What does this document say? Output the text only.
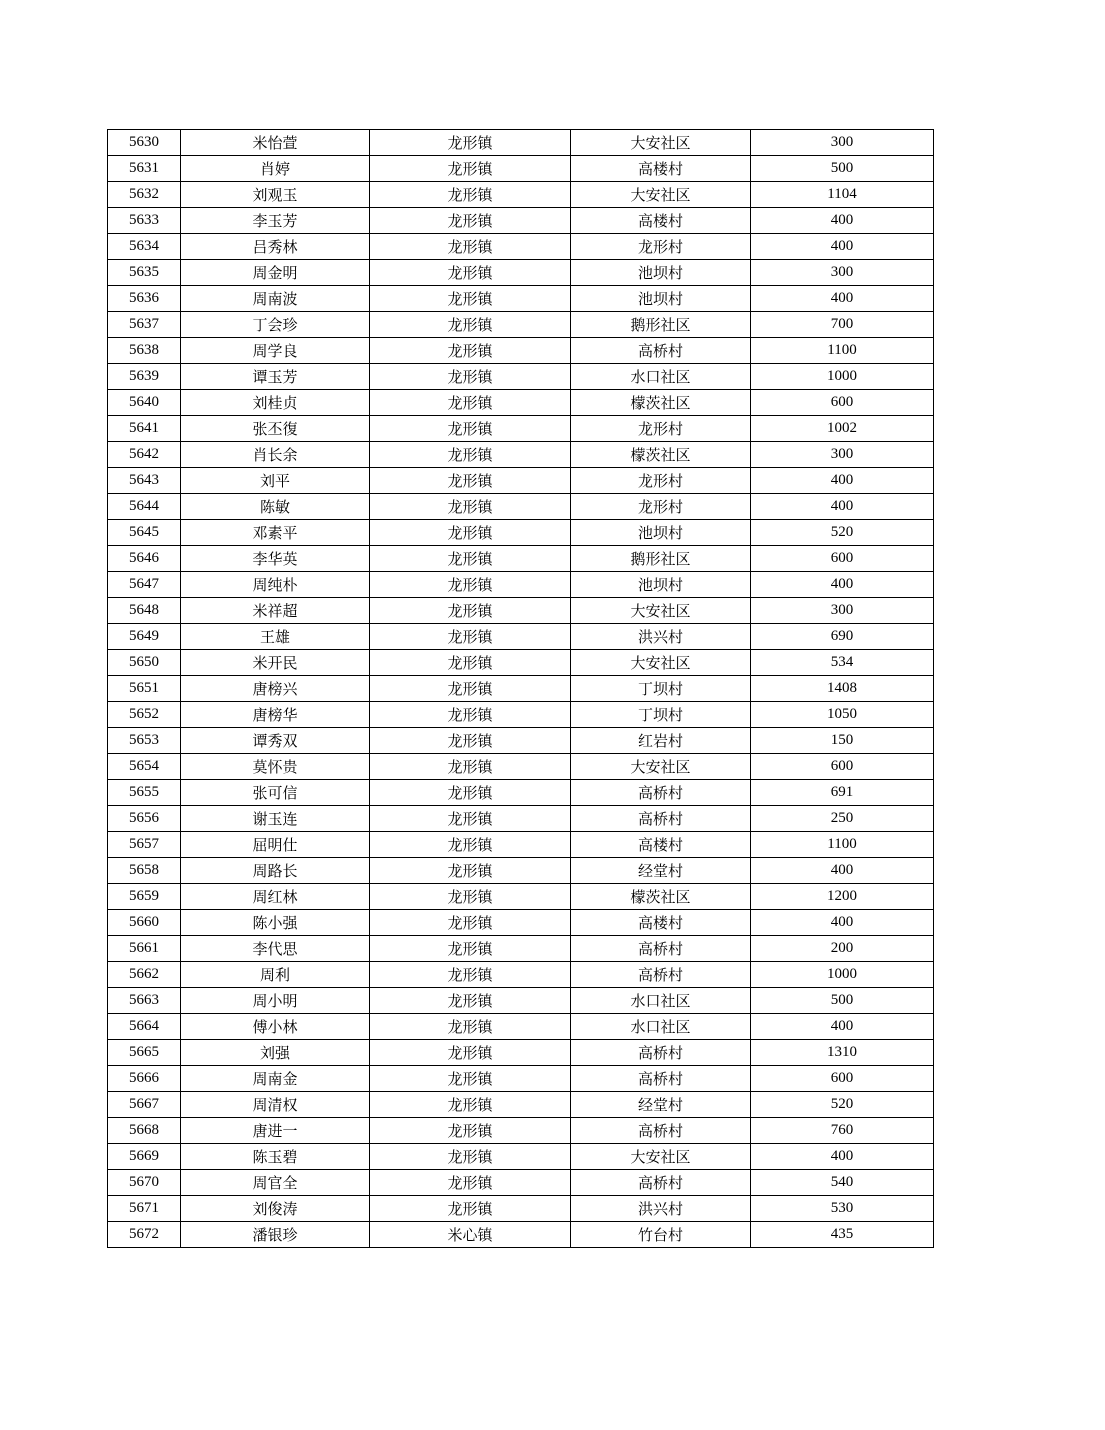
5630	米怡萱	龙形镇	大安社区	300
5631	肖婷	龙形镇	高楼村	500
5632	刘观玉	龙形镇	大安社区	1104
5633	李玉芳	龙形镇	高楼村	400
5634	吕秀林	龙形镇	龙形村	400
5635	周金明	龙形镇	池坝村	300
5636	周南波	龙形镇	池坝村	400
5637	丁会珍	龙形镇	鹅形社区	700
5638	周学良	龙形镇	高桥村	1100
5639	谭玉芳	龙形镇	水口社区	1000
5640	刘桂贞	龙形镇	檬茨社区	600
5641	张丕復	龙形镇	龙形村	1002
5642	肖长余	龙形镇	檬茨社区	300
5643	刘平	龙形镇	龙形村	400
5644	陈敏	龙形镇	龙形村	400
5645	邓素平	龙形镇	池坝村	520
5646	李华英	龙形镇	鹅形社区	600
5647	周纯朴	龙形镇	池坝村	400
5648	米祥超	龙形镇	大安社区	300
5649	王雄	龙形镇	洪兴村	690
5650	米开民	龙形镇	大安社区	534
5651	唐榜兴	龙形镇	丁坝村	1408
5652	唐榜华	龙形镇	丁坝村	1050
5653	谭秀双	龙形镇	红岩村	150
5654	莫怀贵	龙形镇	大安社区	600
5655	张可信	龙形镇	高桥村	691
5656	谢玉连	龙形镇	高桥村	250
5657	屈明仕	龙形镇	高楼村	1100
5658	周路长	龙形镇	经堂村	400
5659	周红林	龙形镇	檬茨社区	1200
5660	陈小强	龙形镇	高楼村	400
5661	李代思	龙形镇	高桥村	200
5662	周利	龙形镇	高桥村	1000
5663	周小明	龙形镇	水口社区	500
5664	傅小林	龙形镇	水口社区	400
5665	刘强	龙形镇	高桥村	1310
5666	周南金	龙形镇	高桥村	600
5667	周清权	龙形镇	经堂村	520
5668	唐进一	龙形镇	高桥村	760
5669	陈玉碧	龙形镇	大安社区	400
5670	周官全	龙形镇	高桥村	540
5671	刘俊涛	龙形镇	洪兴村	530
5672	潘银珍	米心镇	竹台村	435
